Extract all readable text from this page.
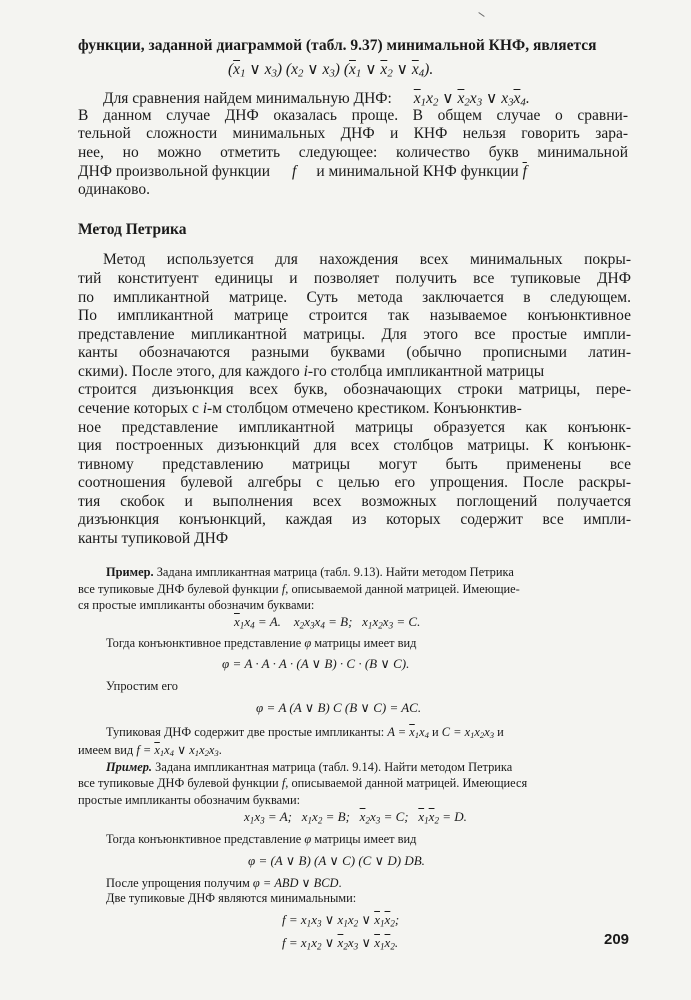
функции, заданной диаграммой (табл. 9.37) минимальной КНФ, является
($\overline{x}_1$ ∨ $x_3$) ($x_2$ ∨ $x_3$) ($\overline{x}_1$ ∨ $\overline{x}_2$ ∨ $\overline{x}_4$).
Для сравнения найдем минимальную ДНФ: $\overline{x}_1x_2$ ∨ $\overline{x}_2x_3$ ∨ $x_3\overline{x}_4$.
В данном случае ДНФ оказалась проще. В общем случае о сравни-
тельной сложности минимальных ДНФ и КНФ нельзя говорить зара-
нее, но можно отметить следующее: количество букв минимальной
ДНФ произвольной функции f и минимальной КНФ функции $\overline{f}$
одинаково.
Метод Петрика
Метод используется для нахождения всех минимальных покры-
тий конституент единицы и позволяет получить все тупиковые ДНФ
по импликантной матрице. Суть метода заключается в следующем.
По импликантной матрице строится так называемое конъюнктивное
представление мипликантной матрицы. Для этого все простые импли-
канты обозначаются разными буквами (обычно прописными латин-
скими). После этого, для каждого i-го столбца импликантной матрицы
строится дизъюнкция всех букв, обозначающих строки матрицы, пере-
сечение которых с i-м столбцом отмечено крестиком. Конъюнктив-
ное представление импликантной матрицы образуется как конъюнк-
ция построенных дизъюнкций для всех столбцов матрицы. К конъюнк-
тивному представлению матрицы могут быть применены все
соотношения булевой алгебры с целью его упрощения. После раскры-
тия скобок и выполнения всех возможных поглощений получается
дизъюнкция конъюнкций, каждая из которых содержит все импли-
канты тупиковой ДНФ
Пример. Задана импликантная матрица (табл. 9.13). Найти методом Петрика
все тупиковые ДНФ булевой функции f, описываемой данной матрицей. Имеющие-
ся простые импликанты обозначим буквами:
$\overline{x}_1x_4 = A$.    $x_2x_3x_4 = B$;   $x_1x_2x_3 = C$.
Тогда конъюнктивное представление φ матрицы имеет вид
φ = A · A · A · (A ∨ B) · C · (B ∨ C).
Упростим его
φ = A (A ∨ B) C (B ∨ C) = AC.
Тупиковая ДНФ содержит две простые импликанты: $A = \overline{x}_1x_4$ и $C = x_1x_2x_3$ и
имеем вид $f = \overline{x}_1x_4$ ∨ $x_1x_2x_3$.
Пример. Задана импликантная матрица (табл. 9.14). Найти методом Петрика
все тупиковые ДНФ булевой функции f, описываемой данной матрицей. Имеющиеся
простые импликанты обозначим буквами:
$x_1x_3 = A$;   $x_1x_2 = B$;   $\overline{x}_2x_3 = C$;   $\overline{x}_1\overline{x}_2 = D$.
Тогда конъюнктивное представление φ матрицы имеет вид
φ = (A ∨ B) (A ∨ C) (C ∨ D) DB.
После упрощения получим φ = ABD ∨ BCD.
Две тупиковые ДНФ являются минимальными:
$f = x_1x_3$ ∨ $x_1x_2$ ∨ $\overline{x}_1\overline{x}_2$;
$f = x_1x_2$ ∨ $\overline{x}_2x_3$ ∨ $\overline{x}_1\overline{x}_2$.	209
